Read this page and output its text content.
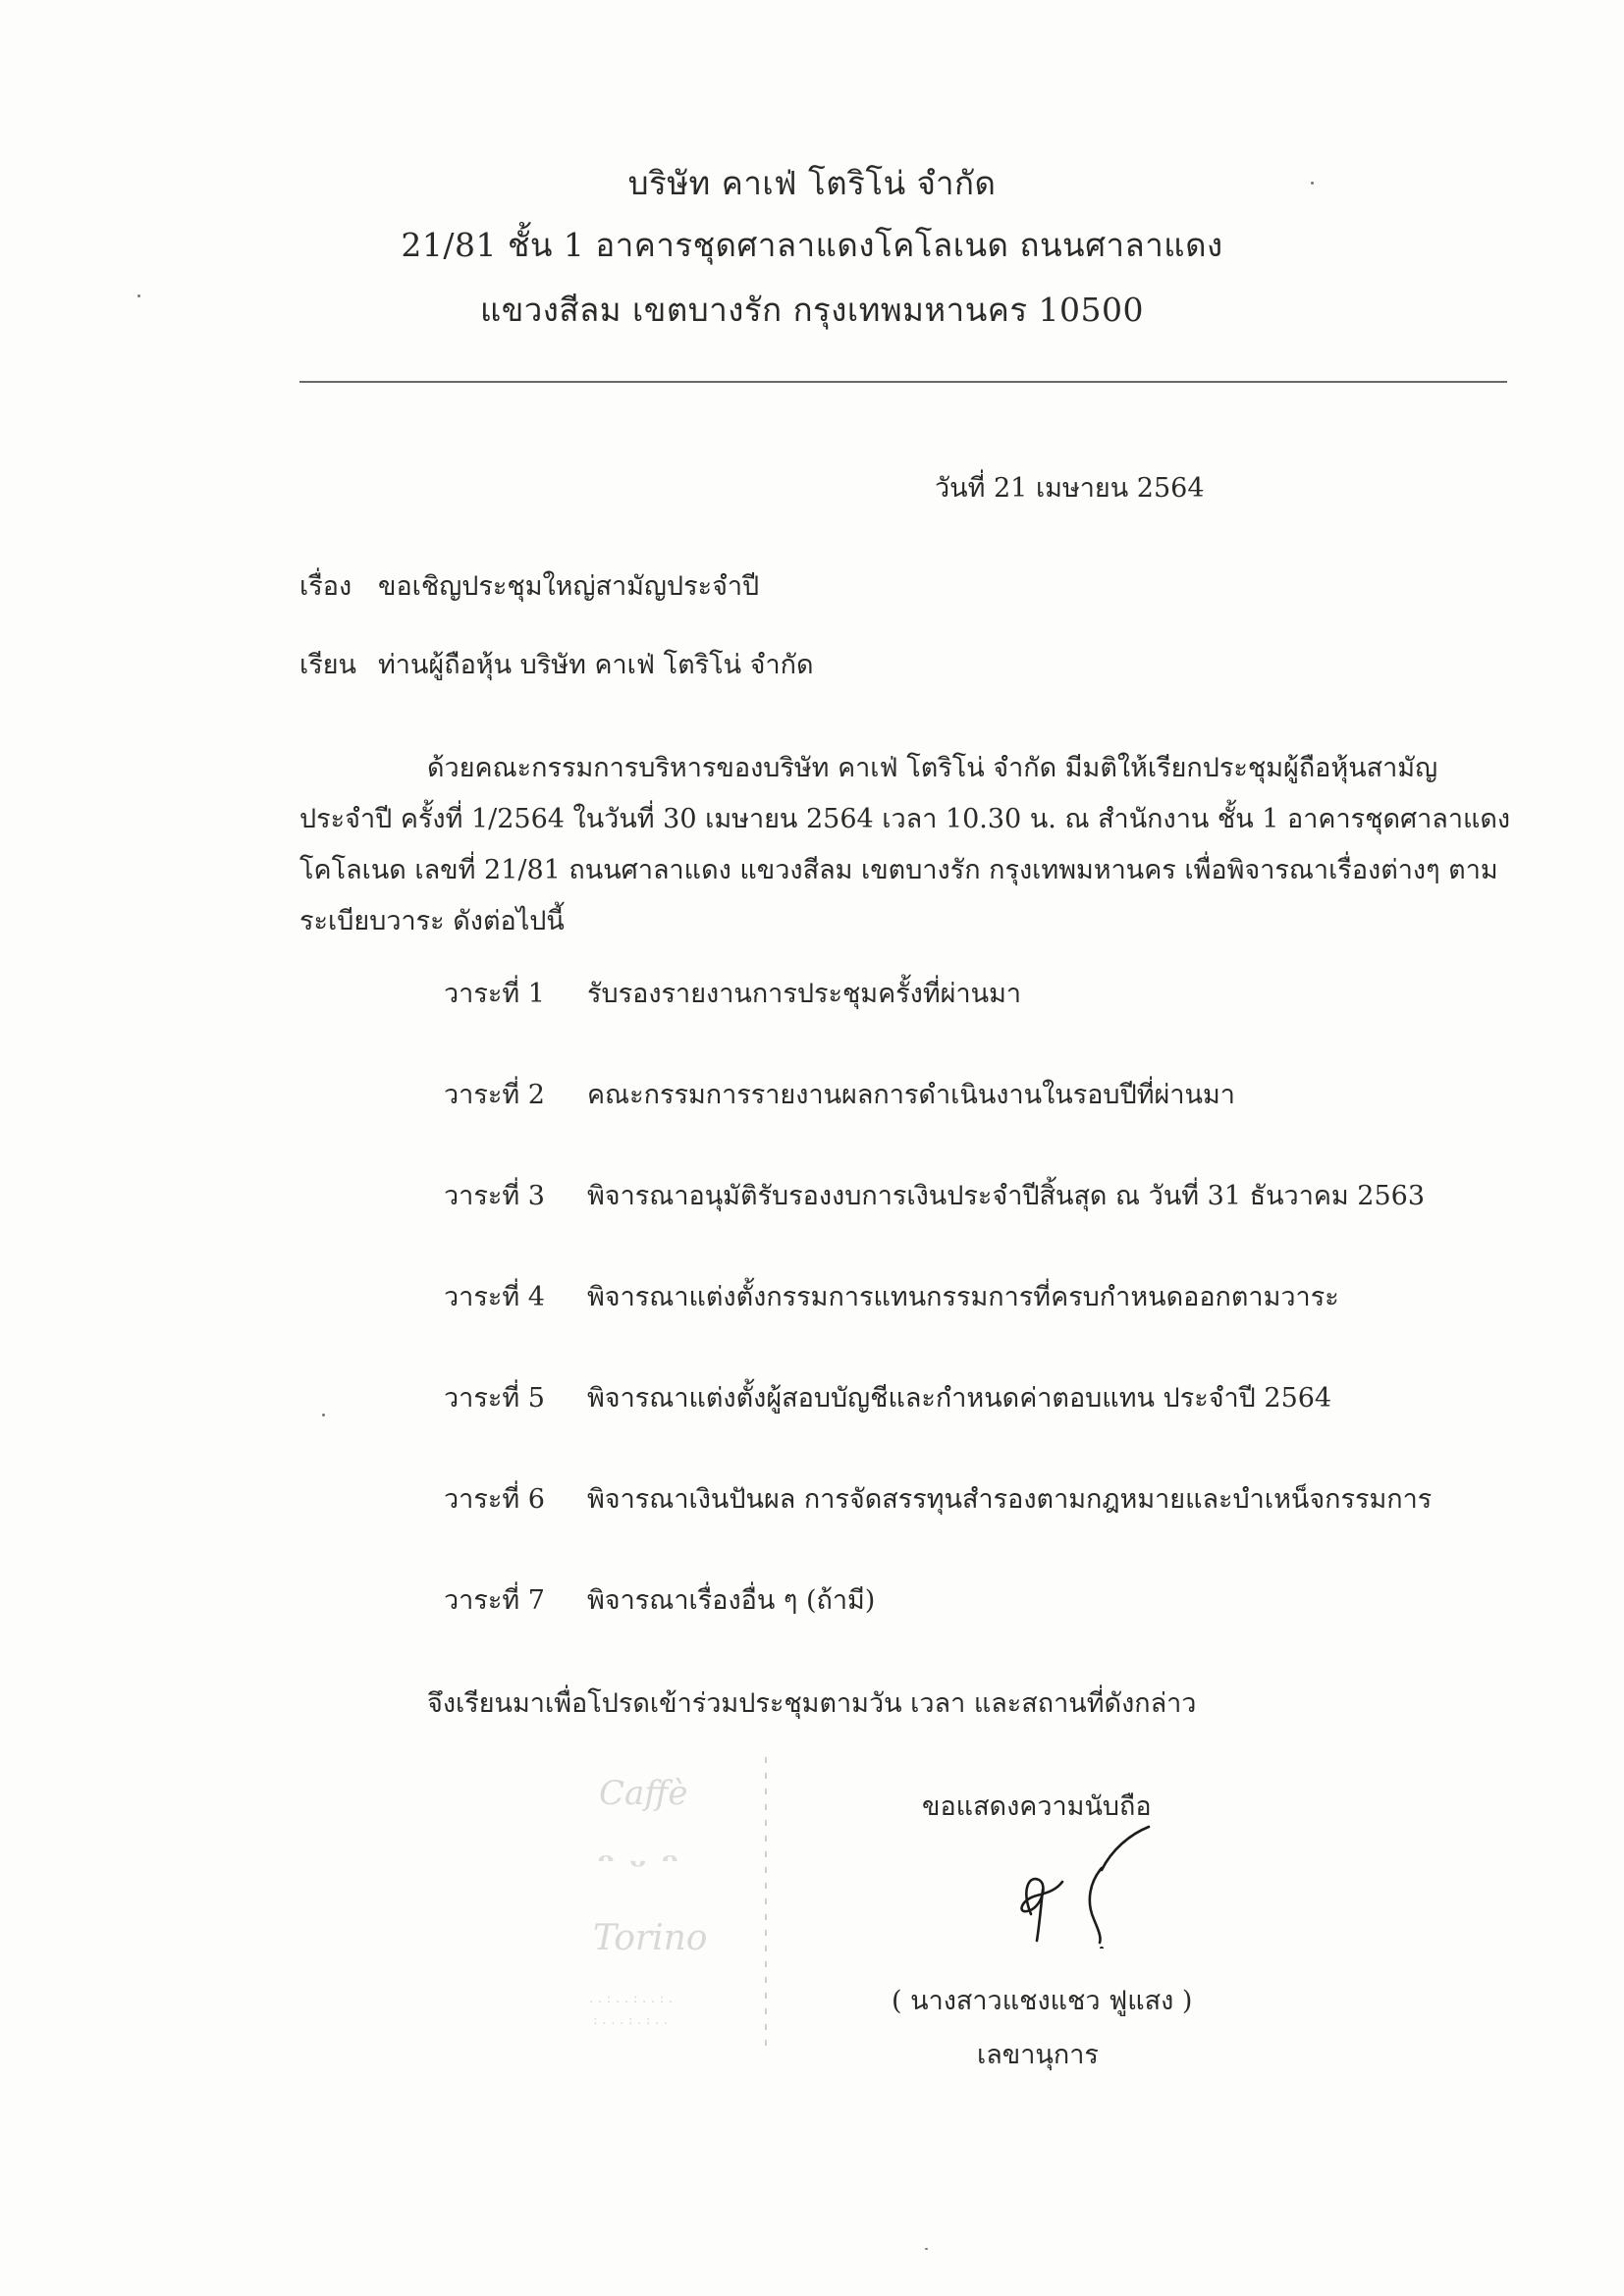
บริษัท คาเฟ่ โตริโน่ จำกัด
21/81 ชั้น 1 อาคารชุดศาลาแดงโคโลเนด ถนนศาลาแดง
แขวงสีลม เขตบางรัก กรุงเทพมหานคร 10500
วันที่ 21 เมษายน 2564
เรื่อง ขอเชิญประชุมใหญ่สามัญประจำปี
เรียน ท่านผู้ถือหุ้น บริษัท คาเฟ่ โตริโน่ จำกัด
ด้วยคณะกรรมการบริหารของบริษัท คาเฟ่ โตริโน่ จำกัด มีมติให้เรียกประชุมผู้ถือหุ้นสามัญ
ประจำปี ครั้งที่ 1/2564 ในวันที่ 30 เมษายน 2564 เวลา 10.30 น. ณ สำนักงาน ชั้น 1 อาคารชุดศาลาแดง
โคโลเนด เลขที่ 21/81 ถนนศาลาแดง แขวงสีลม เขตบางรัก กรุงเทพมหานคร เพื่อพิจารณาเรื่องต่างๆ ตาม
ระเบียบวาระ ดังต่อไปนี้
วาระที่ 1 รับรองรายงานการประชุมครั้งที่ผ่านมา
วาระที่ 2 คณะกรรมการรายงานผลการดำเนินงานในรอบปีที่ผ่านมา
วาระที่ 3 พิจารณาอนุมัติรับรองงบการเงินประจำปีสิ้นสุด ณ วันที่ 31 ธันวาคม 2563
วาระที่ 4 พิจารณาแต่งตั้งกรรมการแทนกรรมการที่ครบกำหนดออกตามวาระ
วาระที่ 5 พิจารณาแต่งตั้งผู้สอบบัญชีและกำหนดค่าตอบแทน ประจำปี 2564
วาระที่ 6 พิจารณาเงินปันผล การจัดสรรทุนสำรองตามกฎหมายและบำเหน็จกรรมการ
วาระที่ 7 พิจารณาเรื่องอื่น ๆ (ถ้ามี)
จึงเรียนมาเพื่อโปรดเข้าร่วมประชุมตามวัน เวลา และสถานที่ดังกล่าว
Caffè
ᵔ ᵕ ᵔ
Torino
. . : . . : . . : .
: . . . : . : . .
ขอแสดงความนับถือ
( นางสาวแชงแชว ฟูแสง )
เลขานุการ
